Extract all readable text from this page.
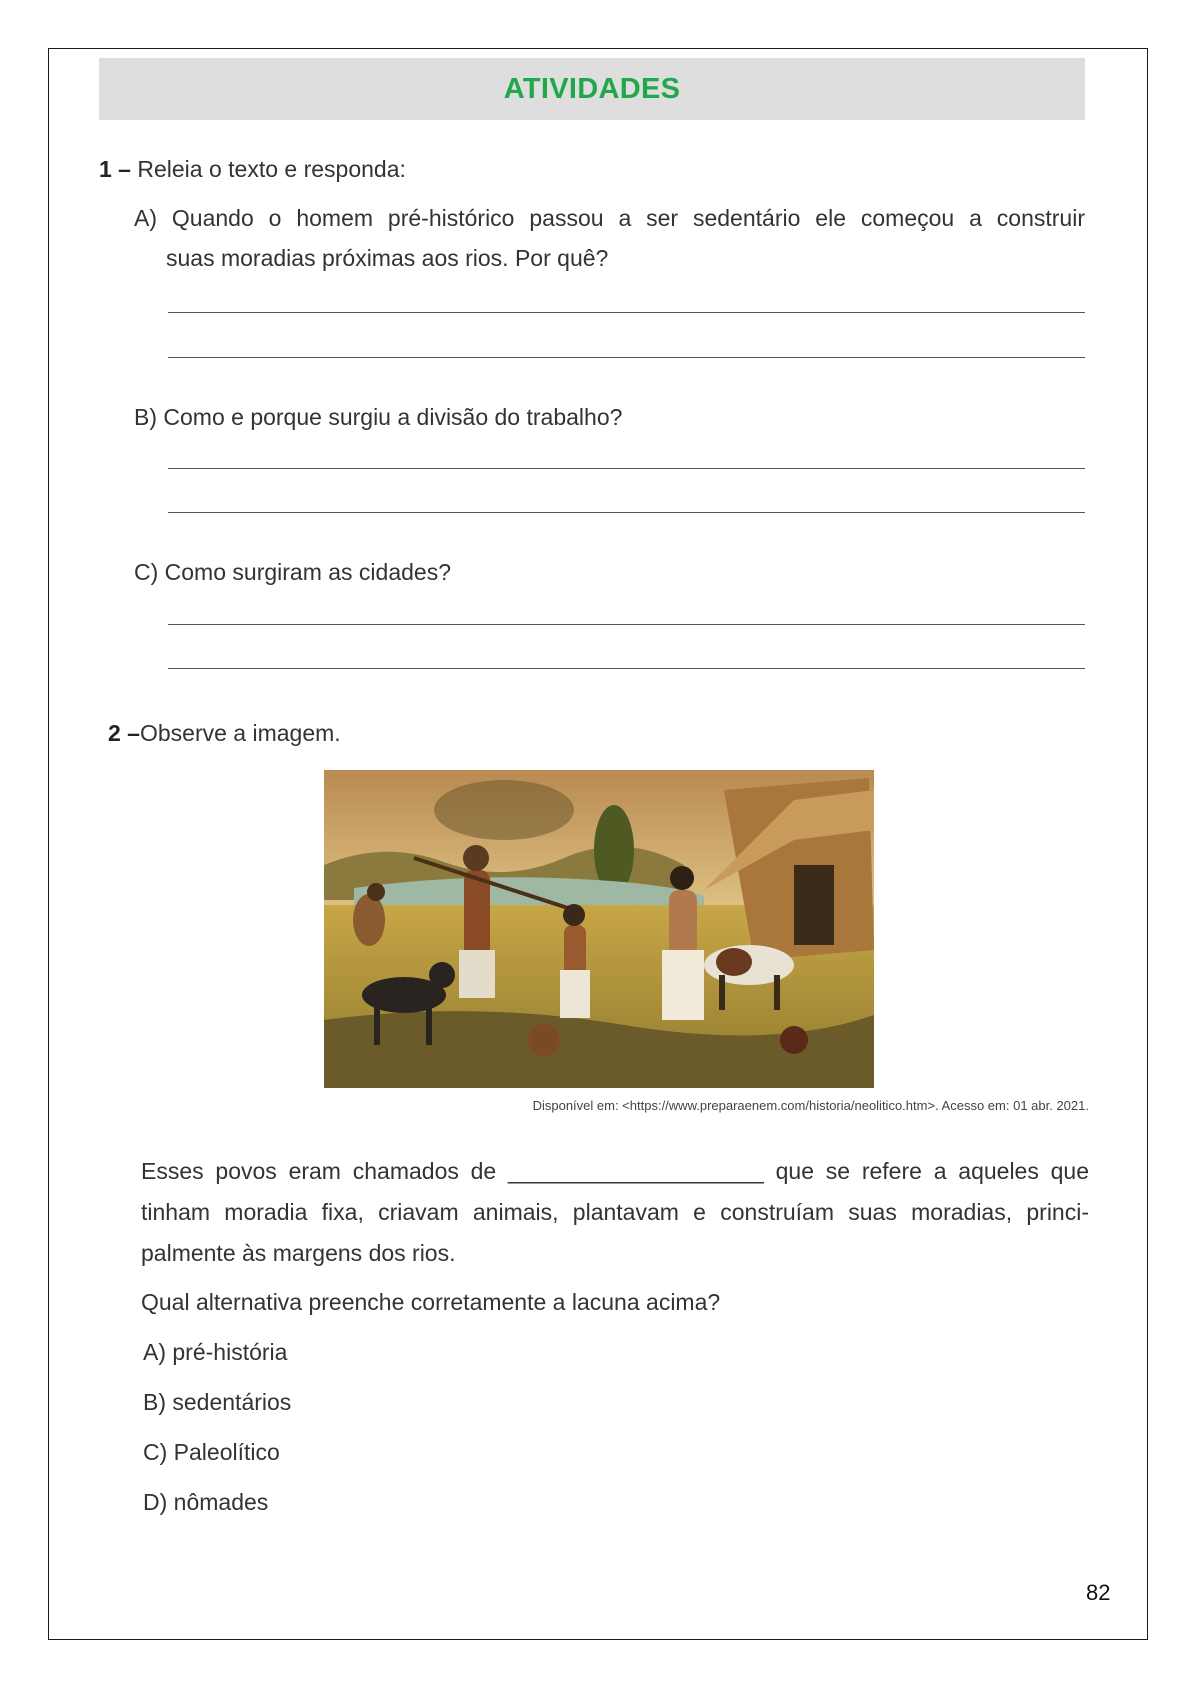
ATIVIDADES
1 – Releia o texto e responda:
A) Quando o homem pré-histórico passou a ser sedentário ele começou a construir
suas moradias próximas aos rios. Por quê?
B) Como e porque surgiu a divisão do trabalho?
C) Como surgiram as cidades?
2 –Observe a imagem.
Disponível em: <https://www.preparaenem.com/historia/neolitico.htm>. Acesso em: 01 abr. 2021.
Esses povos eram chamados de ____________________ que se refere a aqueles que
tinham moradia fixa, criavam animais, plantavam e construíam suas moradias, princi-
palmente às margens dos rios.
Qual alternativa preenche corretamente a lacuna acima?
A) pré-história
B) sedentários
C) Paleolítico
D) nômades
82
